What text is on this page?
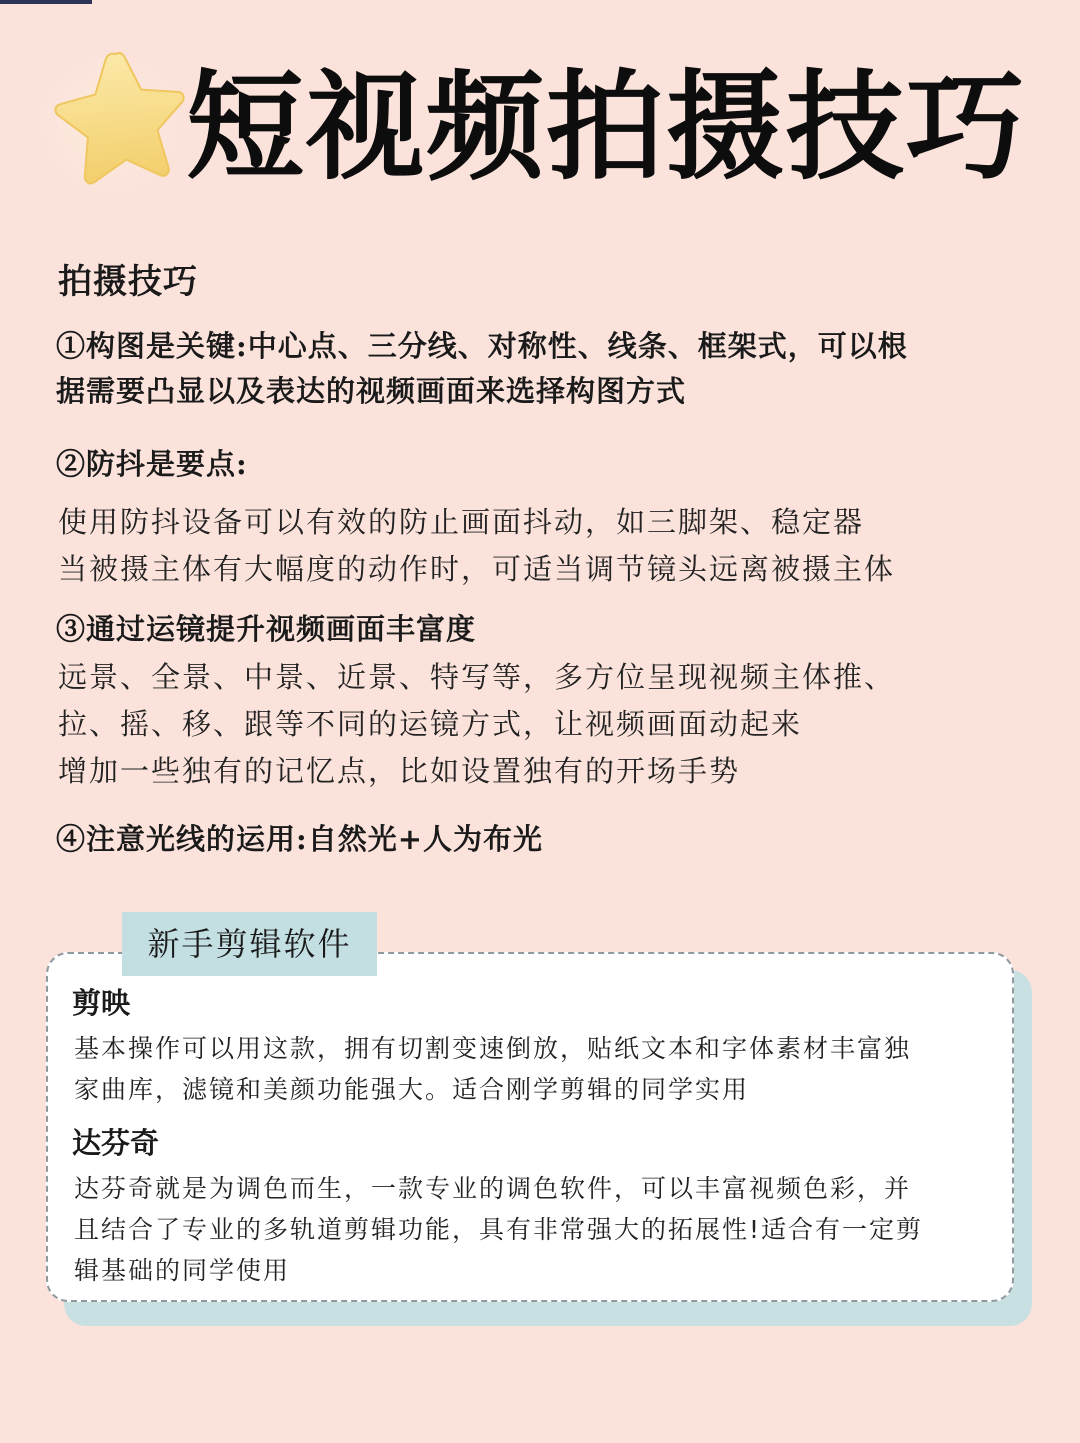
短视频拍摄技巧
拍摄技巧
①构图是关键:中心点、三分线、对称性、线条、框架式，可以根
据需要凸显以及表达的视频画面来选择构图方式
②防抖是要点:
使用防抖设备可以有效的防止画面抖动，如三脚架、稳定器
当被摄主体有大幅度的动作时，可适当调节镜头远离被摄主体
③通过运镜提升视频画面丰富度
远景、全景、中景、近景、特写等，多方位呈现视频主体推、
拉、摇、移、跟等不同的运镜方式，让视频画面动起来
增加一些独有的记忆点，比如设置独有的开场手势
④注意光线的运用:自然光+人为布光
新手剪辑软件
剪映
基本操作可以用这款，拥有切割变速倒放，贴纸文本和字体素材丰富独
家曲库，滤镜和美颜功能强大。适合刚学剪辑的同学实用
达芬奇
达芬奇就是为调色而生，一款专业的调色软件，可以丰富视频色彩，并
且结合了专业的多轨道剪辑功能，具有非常强大的拓展性!适合有一定剪
辑基础的同学使用
